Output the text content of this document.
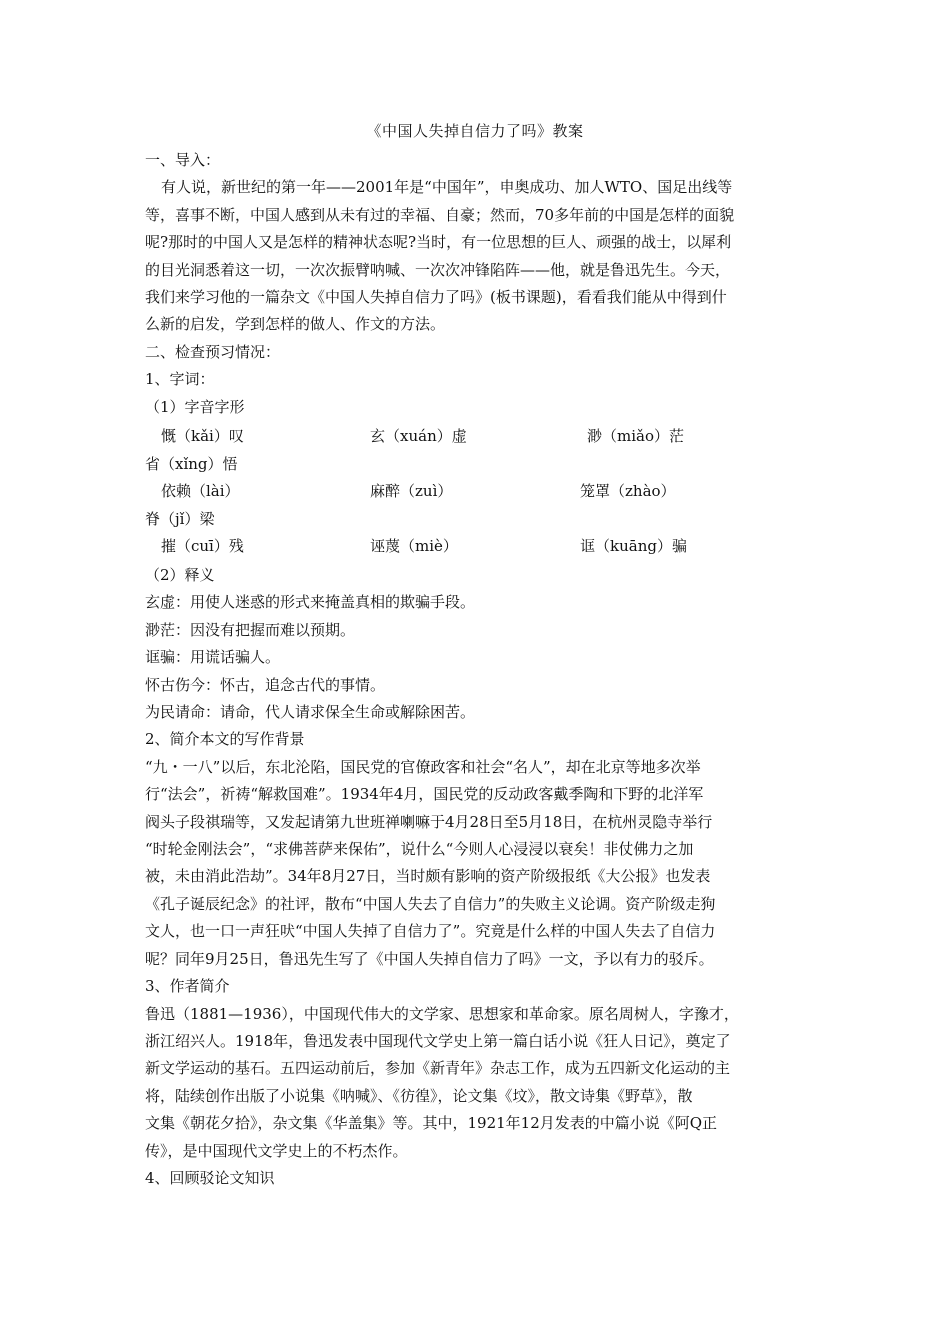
《中国人失掉自信力了吗》教案
一、导入：
有人说，新世纪的第一年——2001年是“中国年”，申奥成功、加人WTO、国足出线等
等，喜事不断，中国人感到从未有过的幸福、自豪；然而，70多年前的中国是怎样的面貌
呢?那时的中国人又是怎样的精神状态呢?当时，有一位思想的巨人、顽强的战士，以犀利
的目光洞悉着这一切，一次次振臂呐喊、一次次冲锋陷阵——他，就是鲁迅先生。今天，
我们来学习他的一篇杂文《中国人失掉自信力了吗》(板书课题)，看看我们能从中得到什
么新的启发，学到怎样的做人、作文的方法。
二、检查预习情况：
1、字词：
（1）字音字形
慨（kǎi）叹	玄（xuán）虚	渺（miǎo）茫
省（xǐng）悟
依赖（lài）	麻醉（zuì）	笼罩（zhào）
脊（jǐ）梁
摧（cuī）残	诬蔑（miè）	诓（kuāng）骗
（2）释义
玄虚：用使人迷惑的形式来掩盖真相的欺骗手段。
渺茫：因没有把握而难以预期。
诓骗：用谎话骗人。
怀古伤今：怀古，追念古代的事情。
为民请命：请命，代人请求保全生命或解除困苦。
2、简介本文的写作背景
“九・一八”以后，东北沦陷，国民党的官僚政客和社会“名人”，却在北京等地多次举
行“法会”，祈祷“解救国难”。1934年4月，国民党的反动政客戴季陶和下野的北洋军
阀头子段祺瑞等，又发起请第九世班禅喇嘛于4月28日至5月18日，在杭州灵隐寺举行
“时轮金刚法会”，“求佛菩萨来保佑”，说什么“今则人心浸浸以衰矣！非仗佛力之加
被，未由消此浩劫”。34年8月27日，当时颇有影响的资产阶级报纸《大公报》也发表
《孔子诞辰纪念》的社评，散布“中国人失去了自信力”的失败主义论调。资产阶级走狗
文人，也一口一声狂吠“中国人失掉了自信力了”。究竟是什么样的中国人失去了自信力
呢？同年9月25日，鲁迅先生写了《中国人失掉自信力了吗》一文，予以有力的驳斥。
3、作者简介
鲁迅（1881—1936），中国现代伟大的文学家、思想家和革命家。原名周树人，字豫才，
浙江绍兴人。1918年，鲁迅发表中国现代文学史上第一篇白话小说《狂人日记》，奠定了
新文学运动的基石。五四运动前后，参加《新青年》杂志工作，成为五四新文化运动的主
将，陆续创作出版了小说集《呐喊》、《彷徨》，论文集《坟》，散文诗集《野草》，散
文集《朝花夕拾》，杂文集《华盖集》等。其中，1921年12月发表的中篇小说《阿Q正
传》，是中国现代文学史上的不朽杰作。
4、回顾驳论文知识
